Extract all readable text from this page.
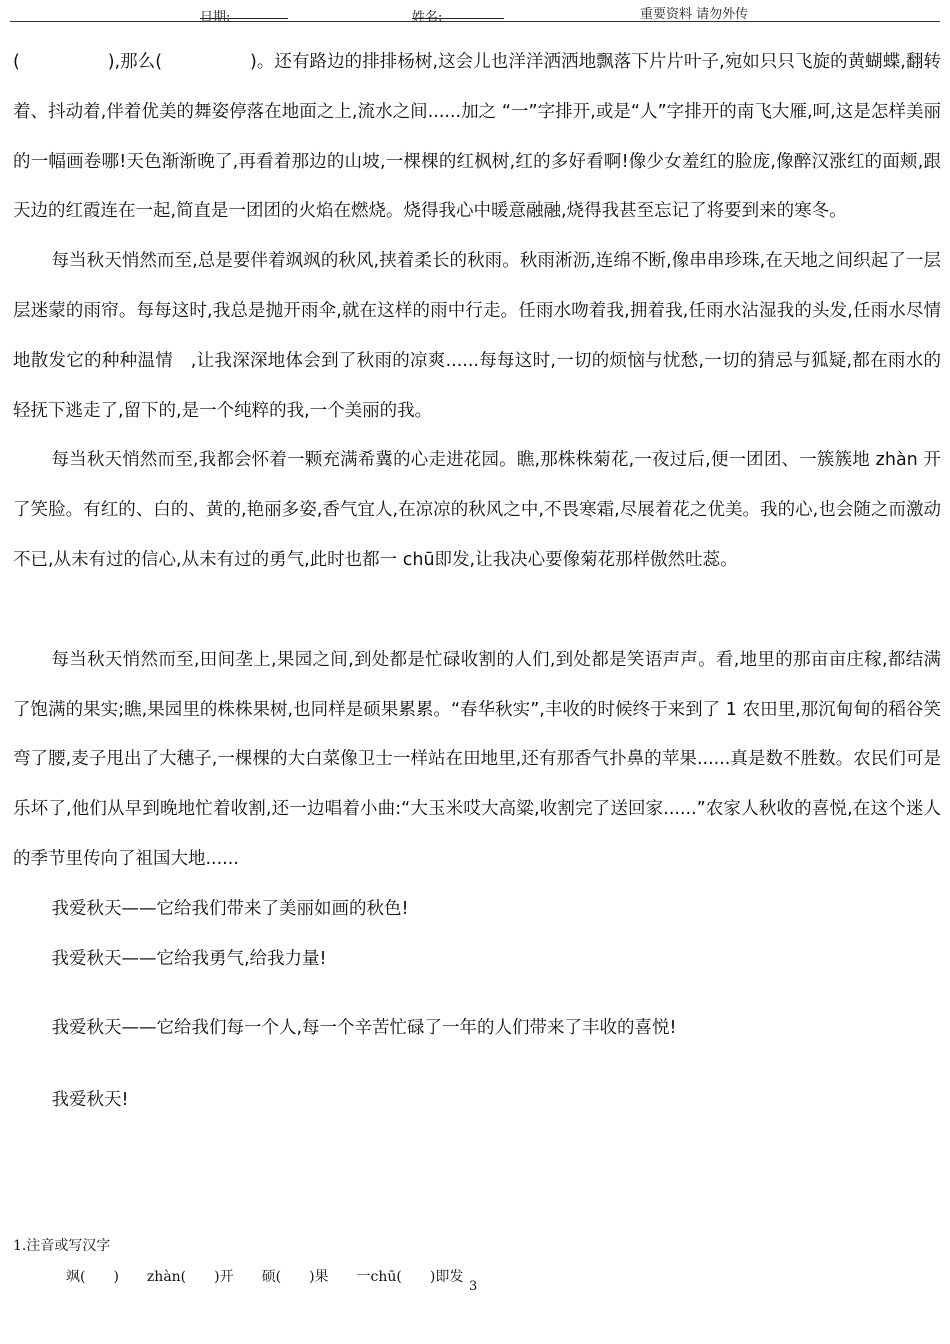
日期:	姓名:	重要资料 请勿外传

(　　　　　),那么(　　　　　)。还有路边的排排杨树,这会儿也洋洋洒洒地飘落下片片叶子,宛如只只飞旋的黄蝴蝶,翻转着、抖动着,伴着优美的舞姿停落在地面之上,流水之间......加之 “一”字排开,或是“人”字排开的南飞大雁,呵,这是怎样美丽的一幅画卷哪!天色渐渐晚了,再看着那边的山坡,一棵棵的红枫树,红的多好看啊!像少女羞红的脸庞,像醉汉涨红的面颊,跟天边的红霞连在一起,简直是一团团的火焰在燃烧。烧得我心中暖意融融,烧得我甚至忘记了将要到来的寒冬。

每当秋天悄然而至,总是要伴着飒飒的秋风,挟着柔长的秋雨。秋雨淅沥,连绵不断,像串串珍珠,在天地之间织起了一层层迷蒙的雨帘。每每这时,我总是抛开雨伞,就在这样的雨中行走。任雨水吻着我,拥着我,任雨水沾湿我的头发,任雨水尽情地散发它的种种温情　,让我深深地体会到了秋雨的凉爽......每每这时,一切的烦恼与忧愁,一切的猜忌与狐疑,都在雨水的轻抚下逃走了,留下的,是一个纯粹的我,一个美丽的我。

每当秋天悄然而至,我都会怀着一颗充满希冀的心走进花园。瞧,那株株菊花,一夜过后,便一团团、一簇簇地 zhàn 开了笑脸。有红的、白的、黄的,艳丽多姿,香气宜人,在凉凉的秋风之中,不畏寒霜,尽展着花之优美。我的心,也会随之而激动不已,从未有过的信心,从未有过的勇气,此时也都一 chū即发,让我决心要像菊花那样傲然吐蕊。

每当秋天悄然而至,田间垄上,果园之间,到处都是忙碌收割的人们,到处都是笑语声声。看,地里的那亩亩庄稼,都结满了饱满的果实;瞧,果园里的株株果树,也同样是硕果累累。“春华秋实”,丰收的时候终于来到了 1 农田里,那沉甸甸的稻谷笑弯了腰,麦子甩出了大穗子,一棵棵的大白菜像卫士一样站在田地里,还有那香气扑鼻的苹果......真是数不胜数。农民们可是乐坏了,他们从早到晚地忙着收割,还一边唱着小曲:“大玉米哎大高粱,收割完了送回家......”农家人秋收的喜悦,在这个迷人的季节里传向了祖国大地......

我爱秋天——它给我们带来了美丽如画的秋色!

我爱秋天——它给我勇气,给我力量!

我爱秋天——它给我们每一个人,每一个辛苦忙碌了一年的人们带来了丰收的喜悦!

我爱秋天!

1.注音或写汉字
飒(　　)　　zhàn(　　)开　　硕(　　)果　　一chū(　　)即发
3
